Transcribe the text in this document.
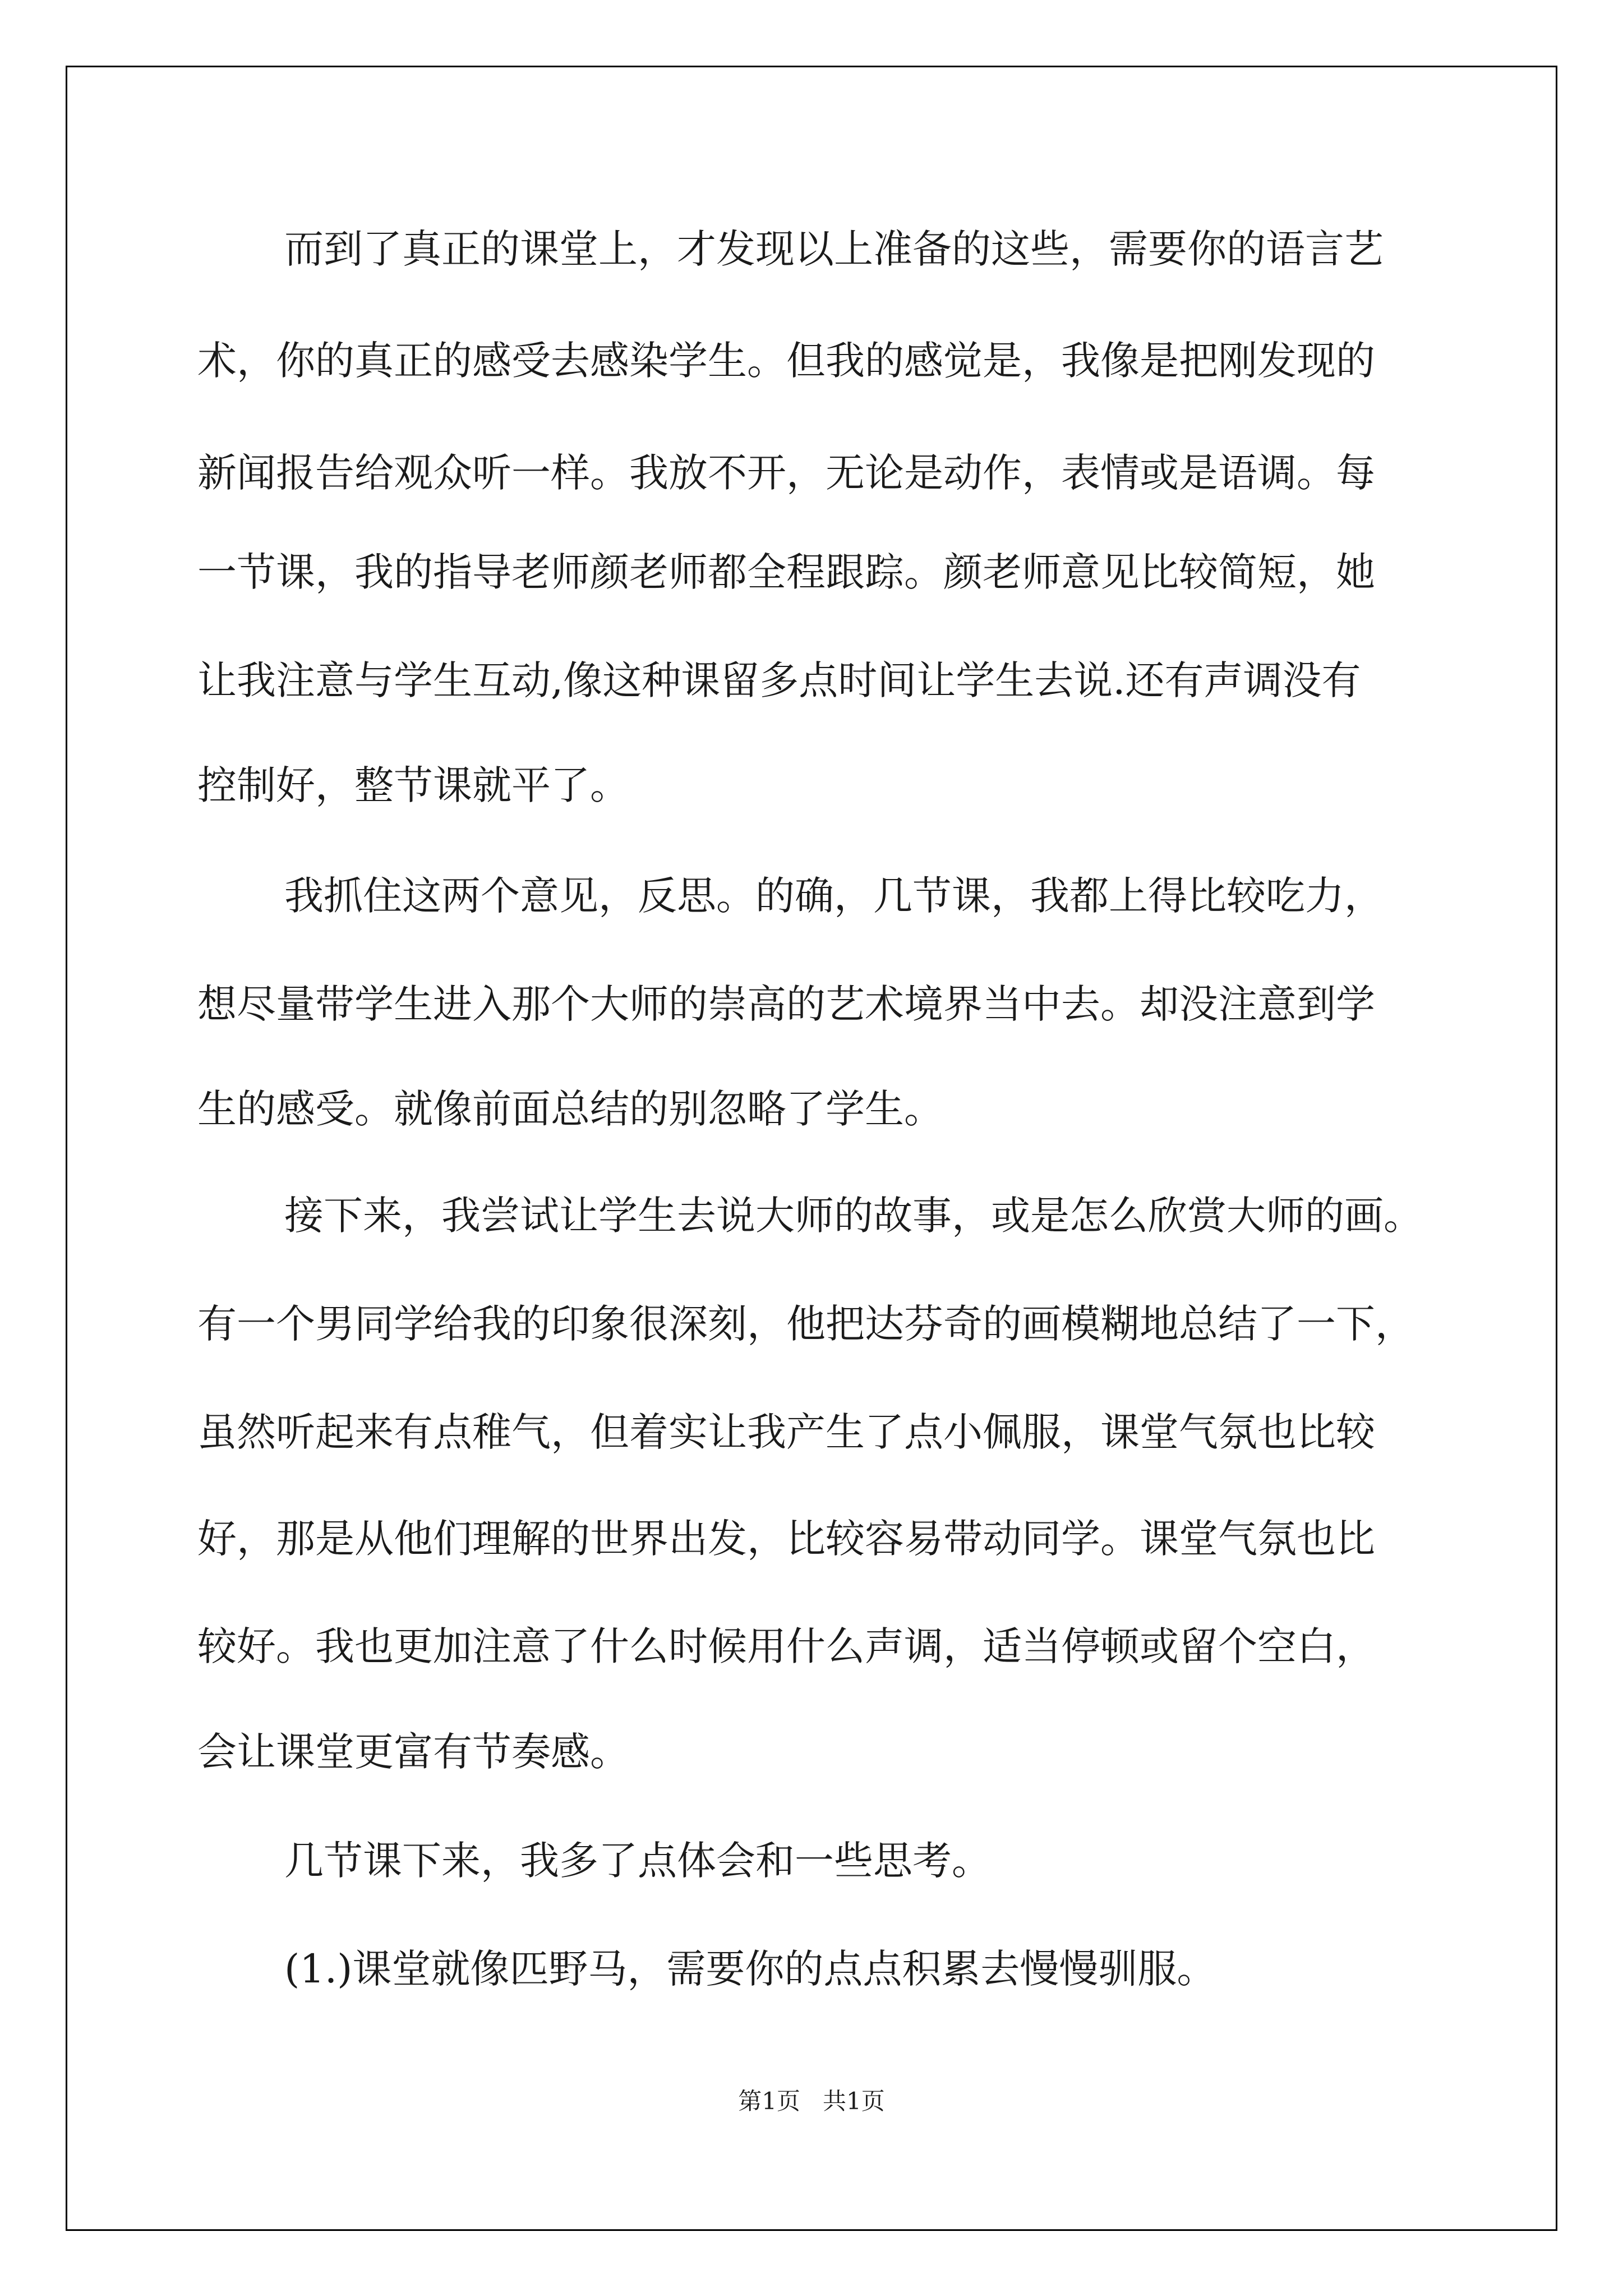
而到了真正的课堂上，才发现以上准备的这些，需要你的语言艺
术，你的真正的感受去感染学生。但我的感觉是，我像是把刚发现的
新闻报告给观众听一样。我放不开，无论是动作，表情或是语调。每
一节课，我的指导老师颜老师都全程跟踪。颜老师意见比较简短，她
让我注意与学生互动,像这种课留多点时间让学生去说.还有声调没有
控制好，整节课就平了。
我抓住这两个意见，反思。的确，几节课，我都上得比较吃力，
想尽量带学生进入那个大师的崇高的艺术境界当中去。却没注意到学
生的感受。就像前面总结的别忽略了学生。
接下来，我尝试让学生去说大师的故事，或是怎么欣赏大师的画。
有一个男同学给我的印象很深刻，他把达芬奇的画模糊地总结了一下，
虽然听起来有点稚气，但着实让我产生了点小佩服，课堂气氛也比较
好，那是从他们理解的世界出发，比较容易带动同学。课堂气氛也比
较好。我也更加注意了什么时候用什么声调，适当停顿或留个空白，
会让课堂更富有节奏感。
几节课下来，我多了点体会和一些思考。
(1.)课堂就像匹野马，需要你的点点积累去慢慢驯服。
第1页   共1页
